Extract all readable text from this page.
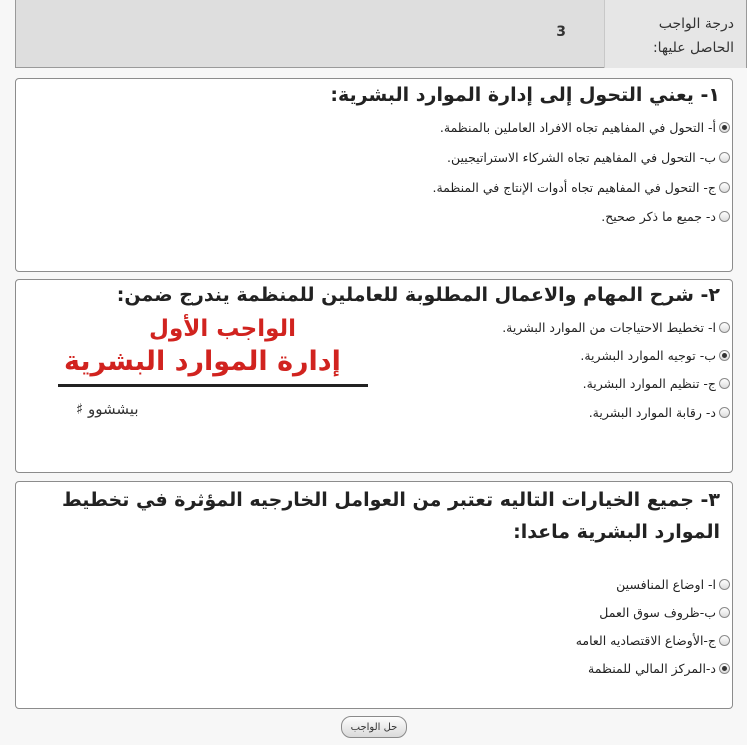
درجة الواجب
الحاصل عليها:
3
١- يعني التحول إلى إدارة الموارد البشرية:
أ- التحول في المفاهيم تجاه الافراد العاملين بالمنظمة.
ب- التحول في المفاهيم تجاه الشركاء الاستراتيجيين.
ج- التحول في المفاهيم تجاه أدوات الإنتاج في المنظمة.
د- جميع ما ذكر صحيح.
٢- شرح المهام والاعمال المطلوبة للعاملين للمنظمة يندرج ضمن:
ا- تخطيط الاحتياجات من الموارد البشرية.
ب- توجيه الموارد البشرية.
ج- تنظيم الموارد البشرية.
د- رقابة الموارد البشرية.
الواجب الأول
إدارة الموارد البشرية
بيششوو ♯
٣- جميع الخيارات التاليه تعتبر من العوامل الخارجيه المؤثرة في تخطيط الموارد البشرية ماعدا:
ا- اوضاع المنافسين
ب-ظروف سوق العمل
ج-الأوضاع الاقتصاديه العامه
د-المركز المالي للمنظمة
حل الواجب
